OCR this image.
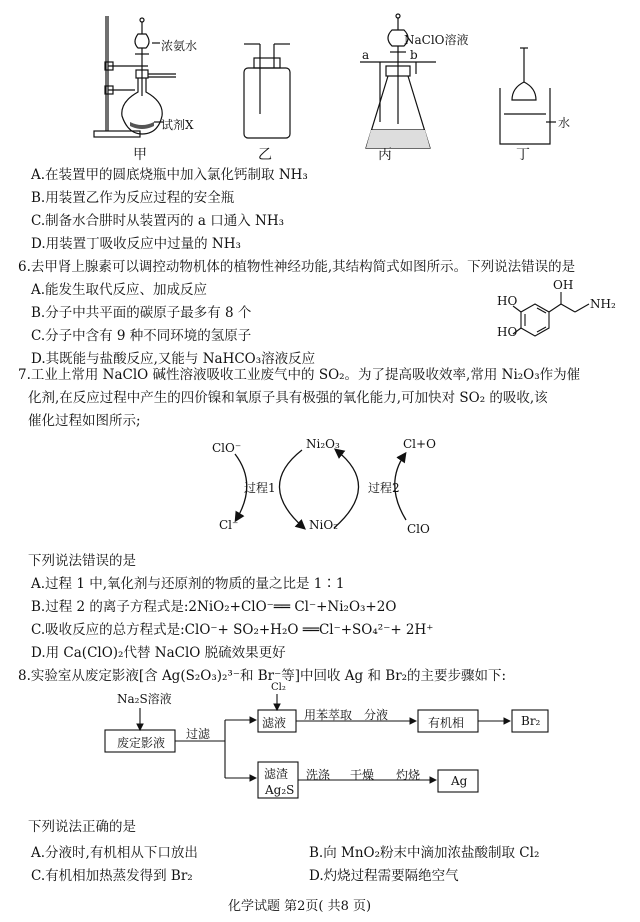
浓氨水
试剂X
NaClO溶液
a	b
水
甲	乙	丙	丁
A.在装置甲的圆底烧瓶中加入氯化钙制取 NH₃
B.用装置乙作为反应过程的安全瓶
C.制备水合肼时从装置丙的 a 口通入 NH₃
D.用装置丁吸收反应中过量的 NH₃
6.去甲肾上腺素可以调控动物机体的植物性神经功能,其结构简式如图所示。下列说法错误的是
A.能发生取代反应、加成反应
B.分子中共平面的碳原子最多有 8 个
C.分子中含有 9 种不同环境的氢原子
D.其既能与盐酸反应,又能与 NaHCO₃溶液反应
HO
HO
OH
NH₂
7.工业上常用 NaClO 碱性溶液吸收工业废气中的 SO₂。为了提高吸收效率,常用 Ni₂O₃作为催
化剂,在反应过程中产生的四价镍和氧原子具有极强的氧化能力,可加快对 SO₂ 的吸收,该
催化过程如图所示;
ClO⁻	Ni₂O₃	Cl+O
过程1	过程2
Cl⁻	NiO₂	ClO
下列说法错误的是
A.过程 1 中,氧化剂与还原剂的物质的量之比是 1∶1
B.过程 2 的离子方程式是:2NiO₂+ClO⁻══ Cl⁻+Ni₂O₃+2O
C.吸收反应的总方程式是:ClO⁻+ SO₂+H₂O ══Cl⁻+SO₄²⁻+ 2H⁺
D.用 Ca(ClO)₂代替 NaClO 脱硫效果更好
8.实验室从废定影液[含 Ag(S₂O₃)₂³⁻和 Br⁻等]中回收 Ag 和 Br₂的主要步骤如下:
Na₂S溶液
废定影液
过滤
Cl₂
滤液
用苯萃取 分液
有机相	Br₂
滤渣
Ag₂S
洗涤 干燥 灼烧	Ag
下列说法正确的是
A.分液时,有机相从下口放出	B.向 MnO₂粉末中滴加浓盐酸制取 Cl₂
C.有机相加热蒸发得到 Br₂	D.灼烧过程需要隔绝空气
化学试题 第2页( 共8 页)
